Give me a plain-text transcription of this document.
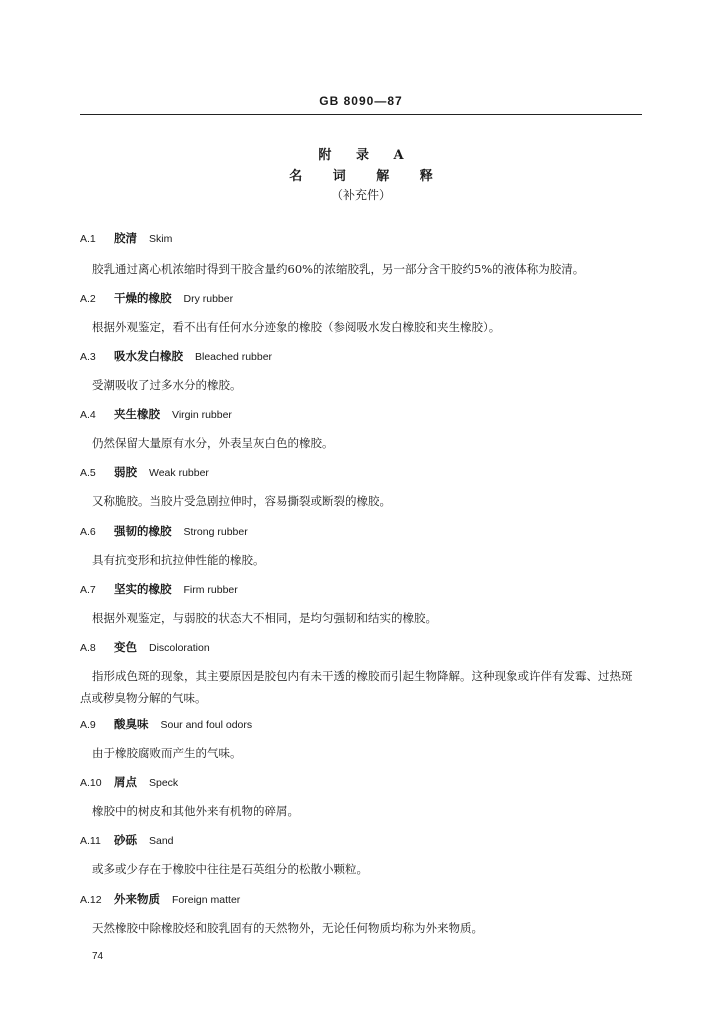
GB 8090—87
附 录 A
名 词 解 释
（补充件）
A.1 胶清 Skim
胶乳通过离心机浓缩时得到干胶含量约60%的浓缩胶乳，另一部分含干胶约5%的液体称为胶清。
A.2 干燥的橡胶 Dry rubber
根据外观鉴定，看不出有任何水分迹象的橡胶（参阅吸水发白橡胶和夹生橡胶）。
A.3 吸水发白橡胶 Bleached rubber
受潮吸收了过多水分的橡胶。
A.4 夹生橡胶 Virgin rubber
仍然保留大量原有水分，外表呈灰白色的橡胶。
A.5 弱胶 Weak rubber
又称脆胶。当胶片受急剧拉伸时，容易撕裂或断裂的橡胶。
A.6 强韧的橡胶 Strong rubber
具有抗变形和抗拉伸性能的橡胶。
A.7 坚实的橡胶 Firm rubber
根据外观鉴定，与弱胶的状态大不相同，是均匀强韧和结实的橡胶。
A.8 变色 Discoloration
指形成色斑的现象，其主要原因是胶包内有未干透的橡胶而引起生物降解。这种现象或许伴有发霉、过热斑点或秽臭物分解的气味。
A.9 酸臭味 Sour and foul odors
由于橡胶腐败而产生的气味。
A.10 屑点 Speck
橡胶中的树皮和其他外来有机物的碎屑。
A.11 砂砾 Sand
或多或少存在于橡胶中往往是石英组分的松散小颗粒。
A.12 外来物质 Foreign matter
天然橡胶中除橡胶烃和胶乳固有的天然物外，无论任何物质均称为外来物质。
74
